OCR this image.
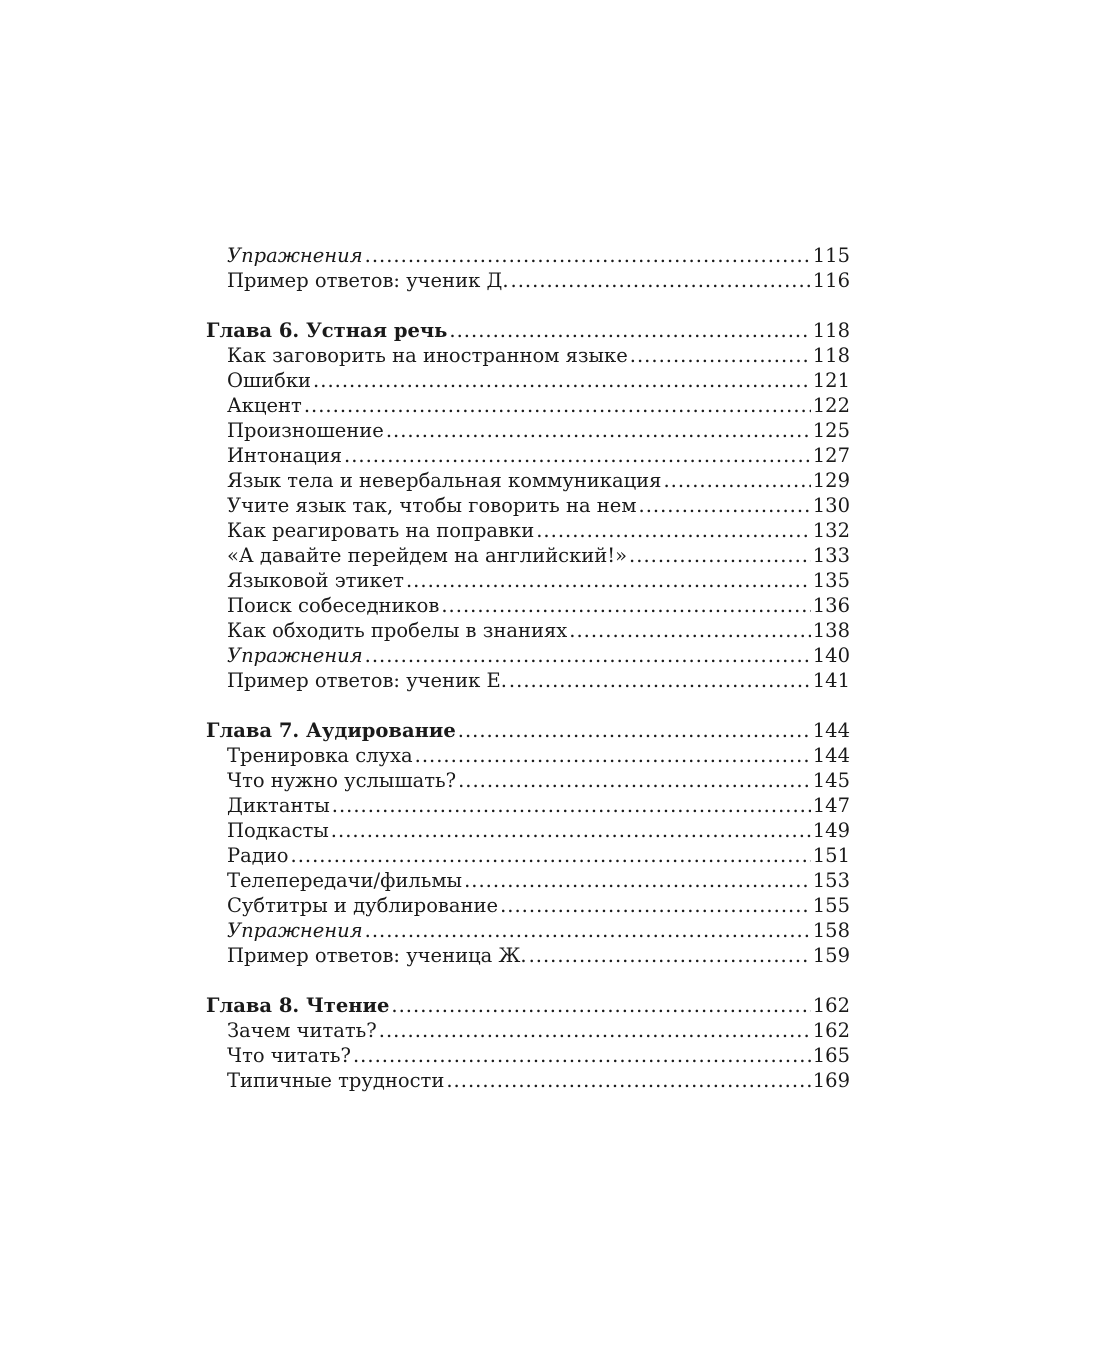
Упражнения .....	115
Пример ответов: ученик Д. .....	116
Глава 6. Устная речь .....	118
Как заговорить на иностранном языке .....	118
Ошибки .....	121
Акцент .....	122
Произношение .....	125
Интонация .....	127
Язык тела и невербальная коммуникация .....	129
Учите язык так, чтобы говорить на нем .....	130
Как реагировать на поправки .....	132
«А давайте перейдем на английский!» .....	133
Языковой этикет .....	135
Поиск собеседников .....	136
Как обходить пробелы в знаниях .....	138
Упражнения .....	140
Пример ответов: ученик Е. .....	141
Глава 7. Аудирование .....	144
Тренировка слуха .....	144
Что нужно услышать? .....	145
Диктанты .....	147
Подкасты .....	149
Радио .....	151
Телепередачи/фильмы .....	153
Субтитры и дублирование .....	155
Упражнения .....	158
Пример ответов: ученица Ж. .....	159
Глава 8. Чтение .....	162
Зачем читать? .....	162
Что читать? .....	165
Типичные трудности .....	169
